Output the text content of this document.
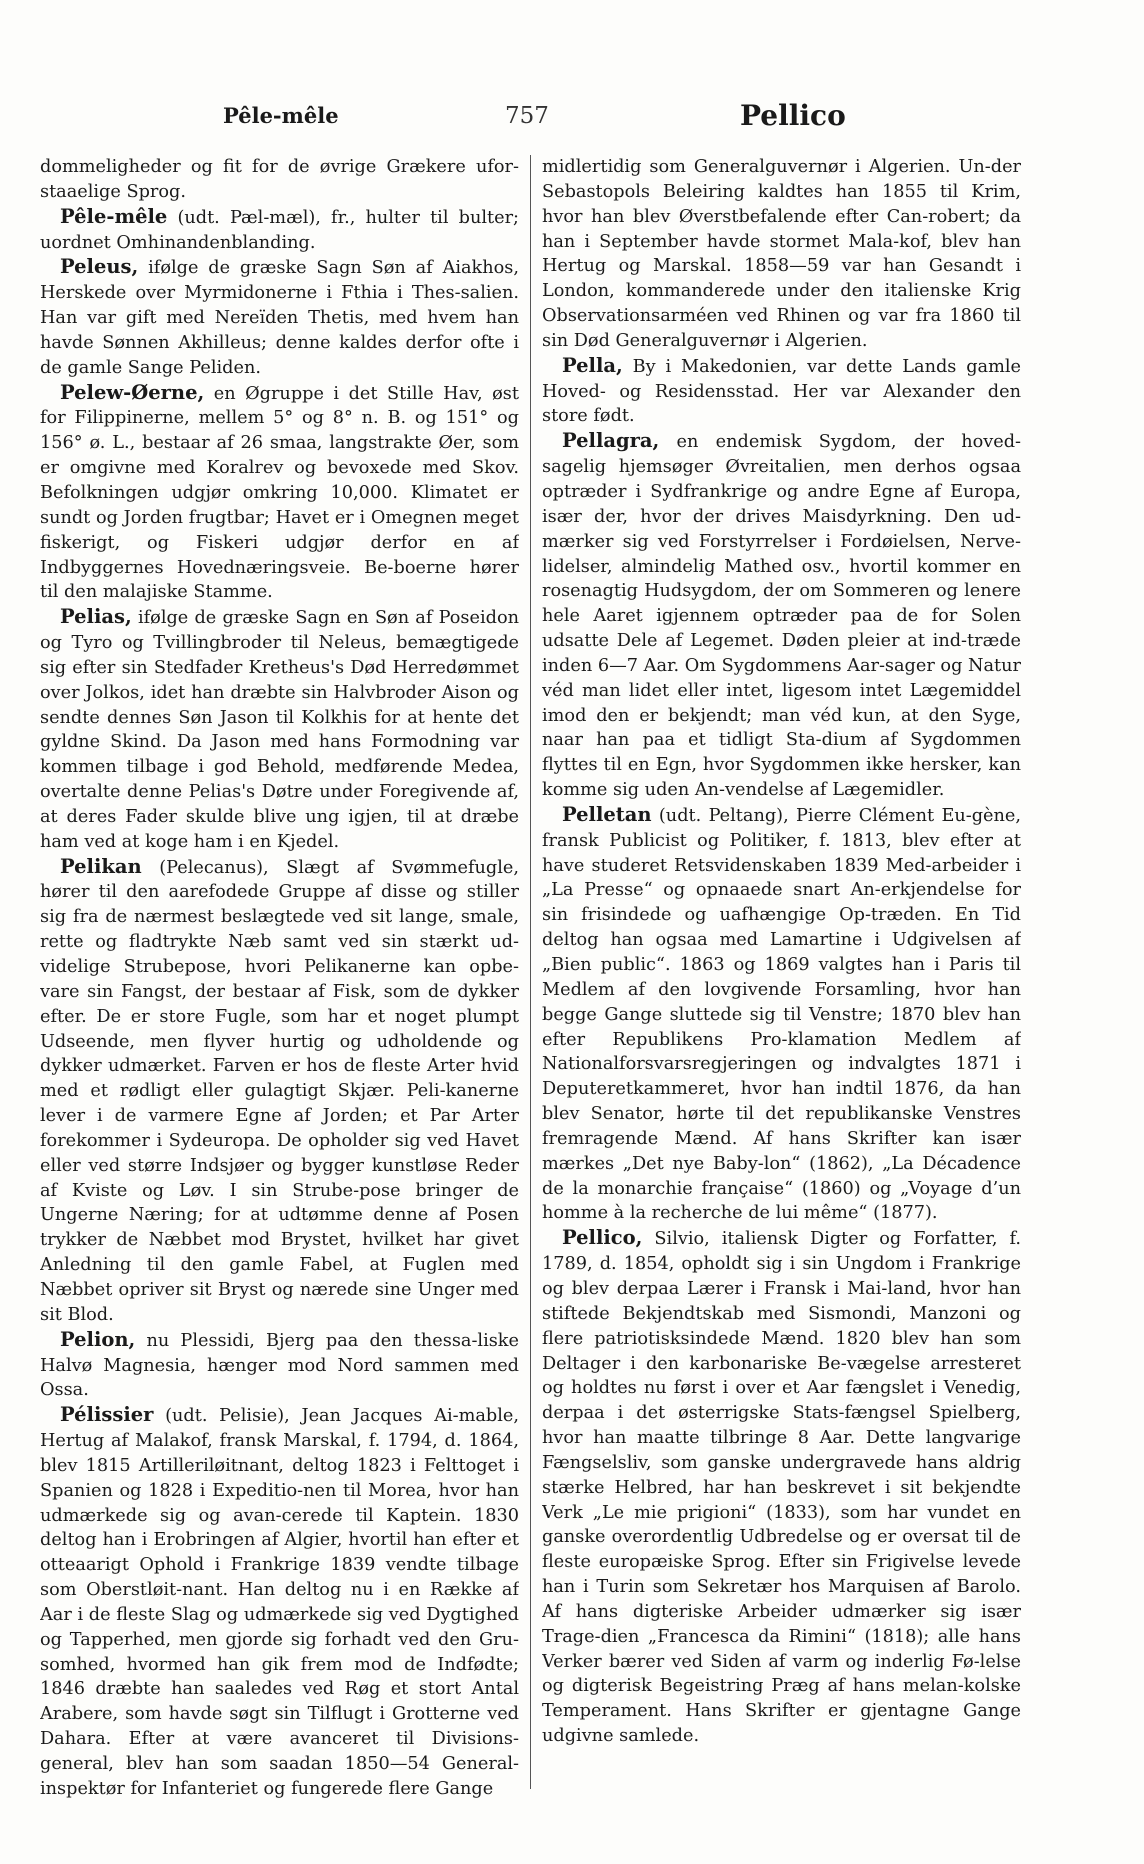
Pêle-mêle	757	Pellico

dommeligheder og fit for de øvrige Grækere ufor-staaelige Sprog.

Pêle-mêle (udt. Pæl-mæl), fr., hulter til bulter; uordnet Omhinandenblanding.

Peleus, ifølge de græske Sagn Søn af Aiakhos, Herskede over Myrmidonerne i Fthia i Thes-salien. Han var gift med Nereïden Thetis, med hvem han havde Sønnen Akhilleus; denne kaldes derfor ofte i de gamle Sange Peliden.

Pelew-Øerne, en Øgruppe i det Stille Hav, øst for Filippinerne, mellem 5° og 8° n. B. og 151° og 156° ø. L., bestaar af 26 smaa, langstrakte Øer, som er omgivne med Koralrev og bevoxede med Skov. Befolkningen udgjør omkring 10,000. Klimatet er sundt og Jorden frugtbar; Havet er i Omegnen meget fiskerigt, og Fiskeri udgjør derfor en af Indbyggernes Hovednæringsveie. Be-boerne hører til den malajiske Stamme.

Pelias, ifølge de græske Sagn en Søn af Poseidon og Tyro og Tvillingbroder til Neleus, bemægtigede sig efter sin Stedfader Kretheus's Død Herredømmet over Jolkos, idet han dræbte sin Halvbroder Aison og sendte dennes Søn Jason til Kolkhis for at hente det gyldne Skind. Da Jason med hans Formodning var kommen tilbage i god Behold, medførende Medea, overtalte denne Pelias's Døtre under Foregivende af, at deres Fader skulde blive ung igjen, til at dræbe ham ved at koge ham i en Kjedel.

Pelikan (Pelecanus), Slægt af Svømmefugle, hører til den aarefodede Gruppe af disse og stiller sig fra de nærmest beslægtede ved sit lange, smale, rette og fladtrykte Næb samt ved sin stærkt ud-videlige Strubepose, hvori Pelikanerne kan opbe-vare sin Fangst, der bestaar af Fisk, som de dykker efter. De er store Fugle, som har et noget plumpt Udseende, men flyver hurtig og udholdende og dykker udmærket. Farven er hos de fleste Arter hvid med et rødligt eller gulagtigt Skjær. Peli-kanerne lever i de varmere Egne af Jorden; et Par Arter forekommer i Sydeuropa. De opholder sig ved Havet eller ved større Indsjøer og bygger kunstløse Reder af Kviste og Løv. I sin Strube-pose bringer de Ungerne Næring; for at udtømme denne af Posen trykker de Næbbet mod Brystet, hvilket har givet Anledning til den gamle Fabel, at Fuglen med Næbbet opriver sit Bryst og nærede sine Unger med sit Blod.

Pelion, nu Plessidi, Bjerg paa den thessa-liske Halvø Magnesia, hænger mod Nord sammen med Ossa.

Pélissier (udt. Pelisie), Jean Jacques Ai-mable, Hertug af Malakof, fransk Marskal, f. 1794, d. 1864, blev 1815 Artilleriløitnant, deltog 1823 i Felttoget i Spanien og 1828 i Expeditio-nen til Morea, hvor han udmærkede sig og avan-cerede til Kaptein. 1830 deltog han i Erobringen af Algier, hvortil han efter et otteaarigt Ophold i Frankrige 1839 vendte tilbage som Oberstløit-nant. Han deltog nu i en Række af Aar i de fleste Slag og udmærkede sig ved Dygtighed og Tapperhed, men gjorde sig forhadt ved den Gru-somhed, hvormed han gik frem mod de Indfødte; 1846 dræbte han saaledes ved Røg et stort Antal Arabere, som havde søgt sin Tilflugt i Grotterne ved Dahara. Efter at være avanceret til Divisions-general, blev han som saadan 1850—54 General-inspektør for Infanteriet og fungerede flere Gange

midlertidig som Generalguvernør i Algerien. Un-der Sebastopols Beleiring kaldtes han 1855 til Krim, hvor han blev Øverstbefalende efter Can-robert; da han i September havde stormet Mala-kof, blev han Hertug og Marskal. 1858—59 var han Gesandt i London, kommanderede under den italienske Krig Observationsarméen ved Rhinen og var fra 1860 til sin Død Generalguvernør i Algerien.

Pella, By i Makedonien, var dette Lands gamle Hoved- og Residensstad. Her var Alexander den store født.

Pellagra, en endemisk Sygdom, der hoved-sagelig hjemsøger Øvreitalien, men derhos ogsaa optræder i Sydfrankrige og andre Egne af Europa, især der, hvor der drives Maisdyrkning. Den ud-mærker sig ved Forstyrrelser i Fordøielsen, Nerve-lidelser, almindelig Mathed osv., hvortil kommer en rosenagtig Hudsygdom, der om Sommeren og lenere hele Aaret igjennem optræder paa de for Solen udsatte Dele af Legemet. Døden pleier at ind-træde inden 6—7 Aar. Om Sygdommens Aar-sager og Natur véd man lidet eller intet, ligesom intet Lægemiddel imod den er bekjendt; man véd kun, at den Syge, naar han paa et tidligt Sta-dium af Sygdommen flyttes til en Egn, hvor Sygdommen ikke hersker, kan komme sig uden An-vendelse af Lægemidler.

Pelletan (udt. Peltang), Pierre Clément Eu-gène, fransk Publicist og Politiker, f. 1813, blev efter at have studeret Retsvidenskaben 1839 Med-arbeider i „La Presse“ og opnaaede snart An-erkjendelse for sin frisindede og uafhængige Op-træden. En Tid deltog han ogsaa med Lamartine i Udgivelsen af „Bien public“. 1863 og 1869 valgtes han i Paris til Medlem af den lovgivende Forsamling, hvor han begge Gange sluttede sig til Venstre; 1870 blev han efter Republikens Pro-klamation Medlem af Nationalforsvarsregjeringen og indvalgtes 1871 i Deputeretkammeret, hvor han indtil 1876, da han blev Senator, hørte til det republikanske Venstres fremragende Mænd. Af hans Skrifter kan især mærkes „Det nye Baby-lon“ (1862), „La Décadence de la monarchie française“ (1860) og „Voyage d’un homme à la recherche de lui même“ (1877).

Pellico, Silvio, italiensk Digter og Forfatter, f. 1789, d. 1854, opholdt sig i sin Ungdom i Frankrige og blev derpaa Lærer i Fransk i Mai-land, hvor han stiftede Bekjendtskab med Sismondi, Manzoni og flere patriotisksindede Mænd. 1820 blev han som Deltager i den karbonariske Be-vægelse arresteret og holdtes nu først i over et Aar fængslet i Venedig, derpaa i det østerrigske Stats-fængsel Spielberg, hvor han maatte tilbringe 8 Aar. Dette langvarige Fængselsliv, som ganske undergravede hans aldrig stærke Helbred, har han beskrevet i sit bekjendte Verk „Le mie prigioni“ (1833), som har vundet en ganske overordentlig Udbredelse og er oversat til de fleste europæiske Sprog. Efter sin Frigivelse levede han i Turin som Sekretær hos Marquisen af Barolo. Af hans digteriske Arbeider udmærker sig især Trage-dien „Francesca da Rimini“ (1818); alle hans Verker bærer ved Siden af varm og inderlig Fø-lelse og digterisk Begeistring Præg af hans melan-kolske Temperament. Hans Skrifter er gjentagne Gange udgivne samlede.
